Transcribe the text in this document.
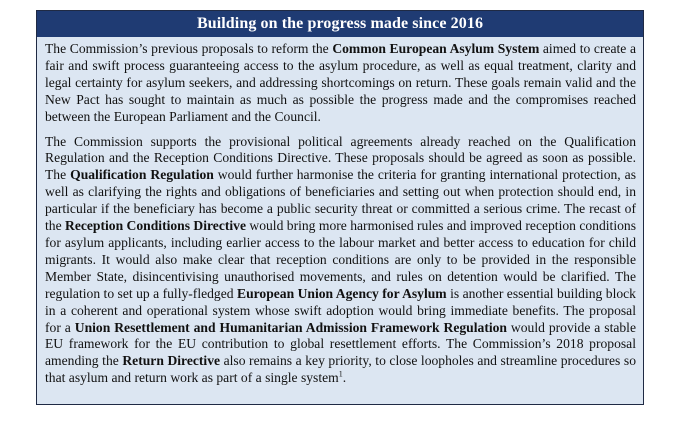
Building on the progress made since 2016

The Commission’s previous proposals to reform the Common European Asylum System aimed to create a fair and swift process guaranteeing access to the asylum procedure, as well as equal treatment, clarity and legal certainty for asylum seekers, and addressing shortcomings on return. These goals remain valid and the New Pact has sought to maintain as much as possible the progress made and the compromises reached between the European Parliament and the Council.

The Commission supports the provisional political agreements already reached on the Qualification Regulation and the Reception Conditions Directive. These proposals should be agreed as soon as possible. The Qualification Regulation would further harmonise the criteria for granting international protection, as well as clarifying the rights and obligations of beneficiaries and setting out when protection should end, in particular if the beneficiary has become a public security threat or committed a serious crime. The recast of the Reception Conditions Directive would bring more harmonised rules and improved reception conditions for asylum applicants, including earlier access to the labour market and better access to education for child migrants. It would also make clear that reception conditions are only to be provided in the responsible Member State, disincentivising unauthorised movements, and rules on detention would be clarified. The regulation to set up a fully-fledged European Union Agency for Asylum is another essential building block in a coherent and operational system whose swift adoption would bring immediate benefits. The proposal for a Union Resettlement and Humanitarian Admission Framework Regulation would provide a stable EU framework for the EU contribution to global resettlement efforts. The Commission’s 2018 proposal amending the Return Directive also remains a key priority, to close loopholes and streamline procedures so that asylum and return work as part of a single system$^1$.
